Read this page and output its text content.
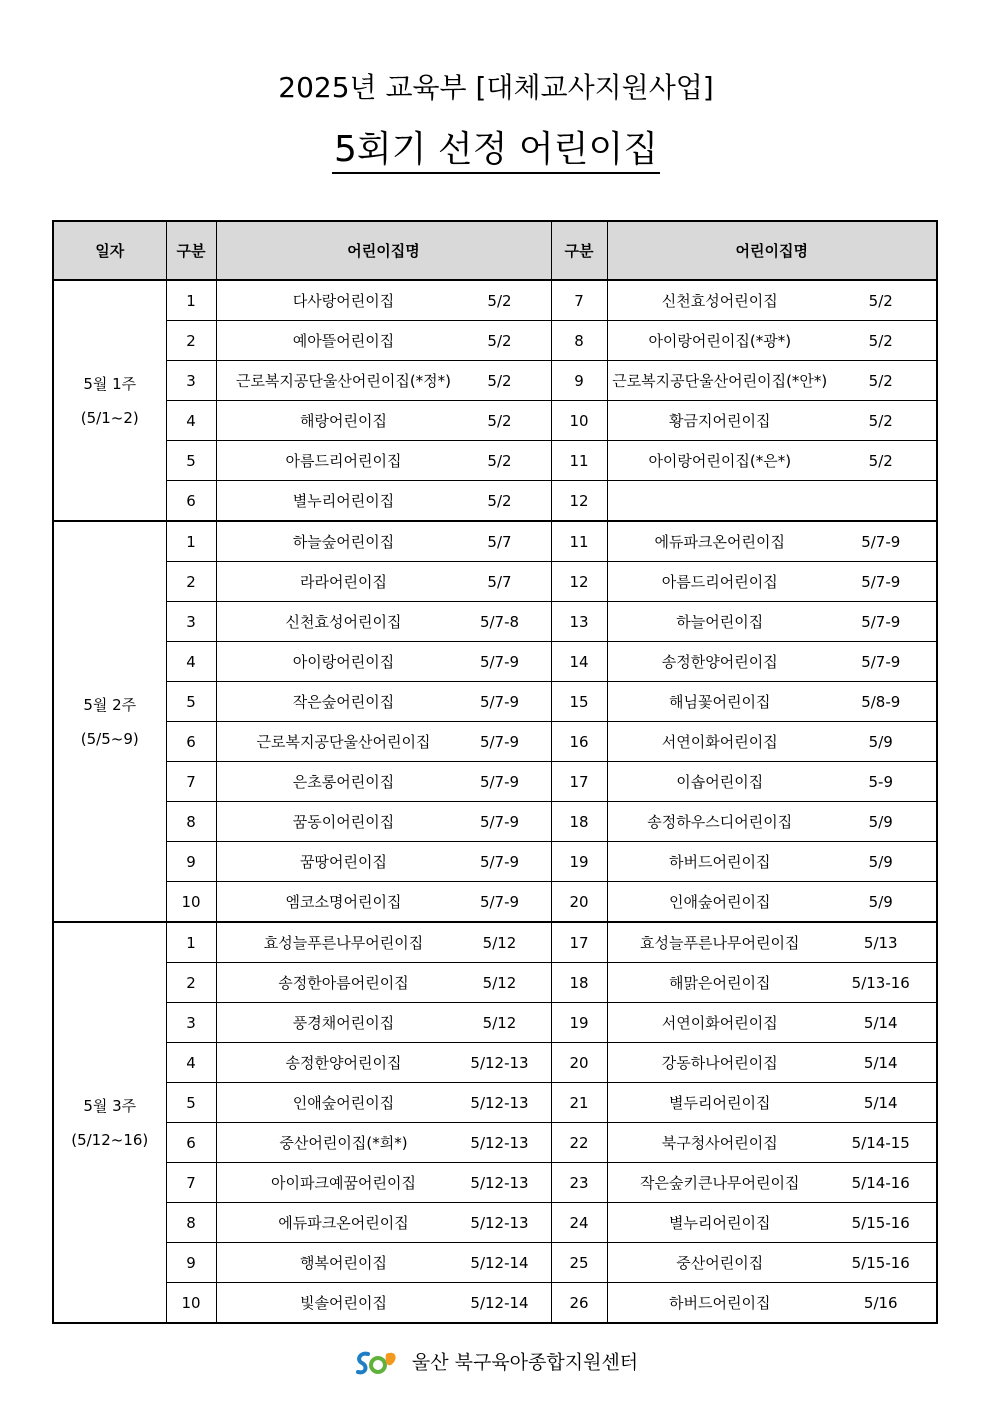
2025년 교육부 [대체교사지원사업]
5회기 선정 어린이집
일자	구분	어린이집명	구분	어린이집명

5월 1주
(5/1~2)	1	다사랑어린이집 5/2	7	신천효성어린이집 5/2
	2	예아뜰어린이집 5/2	8	아이랑어린이집(*광*) 5/2
	3	근로복지공단울산어린이집(*정*) 5/2	9	근로복지공단울산어린이집(*안*) 5/2
	4	해랑어린이집 5/2	10	황금지어린이집 5/2
	5	아름드리어린이집 5/2	11	아이랑어린이집(*은*) 5/2
	6	별누리어린이집 5/2	12	

5월 2주
(5/5~9)	1	하늘숲어린이집 5/7	11	에듀파크온어린이집 5/7-9
	2	라라어린이집 5/7	12	아름드리어린이집 5/7-9
	3	신천효성어린이집 5/7-8	13	하늘어린이집 5/7-9
	4	아이랑어린이집 5/7-9	14	송정한양어린이집 5/7-9
	5	작은숲어린이집 5/7-9	15	해님꽃어린이집 5/8-9
	6	근로복지공단울산어린이집 5/7-9	16	서연이화어린이집 5/9
	7	은초롱어린이집 5/7-9	17	이솝어린이집 5-9
	8	꿈동이어린이집 5/7-9	18	송정하우스디어린이집 5/9
	9	꿈땅어린이집 5/7-9	19	하버드어린이집 5/9
	10	엠코소명어린이집 5/7-9	20	인애숲어린이집 5/9

5월 3주
(5/12~16)	1	효성늘푸른나무어린이집 5/12	17	효성늘푸른나무어린이집 5/13
	2	송정한아름어린이집 5/12	18	해맑은어린이집 5/13-16
	3	풍경채어린이집 5/12	19	서연이화어린이집 5/14
	4	송정한양어린이집 5/12-13	20	강동하나어린이집 5/14
	5	인애숲어린이집 5/12-13	21	별두리어린이집 5/14
	6	중산어린이집(*희*) 5/12-13	22	북구청사어린이집 5/14-15
	7	아이파크예꿈어린이집 5/12-13	23	작은숲키큰나무어린이집 5/14-16
	8	에듀파크온어린이집 5/12-13	24	별누리어린이집 5/15-16
	9	행복어린이집 5/12-14	25	중산어린이집 5/15-16
	10	빛솔어린이집 5/12-14	26	하버드어린이집 5/16
울산 북구육아종합지원센터
